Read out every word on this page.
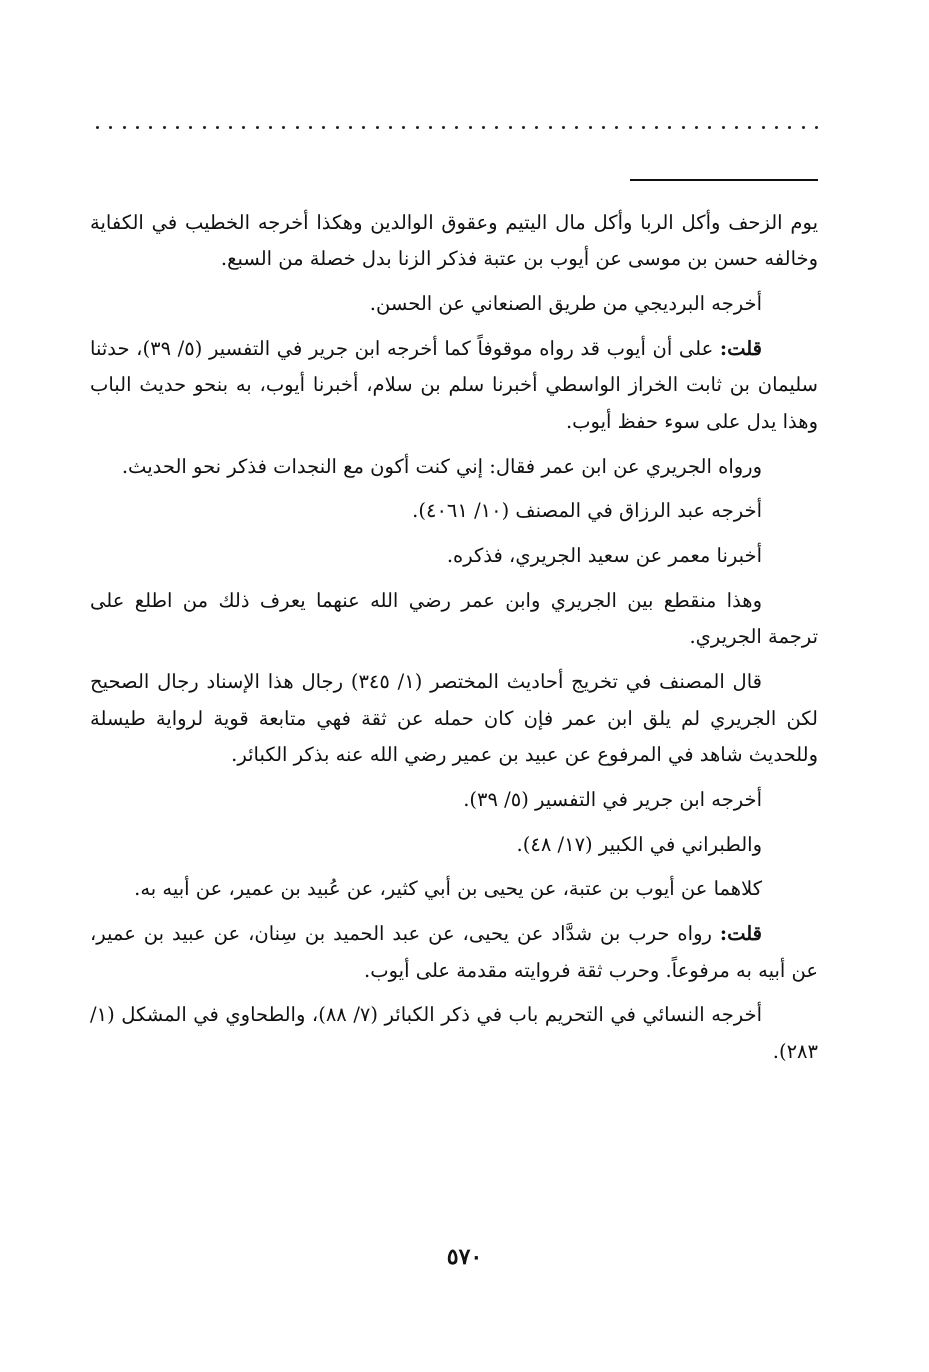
يوم الزحف وأكل الربا وأكل مال اليتيم وعقوق الوالدين وهكذا أخرجه الخطيب في الكفاية وخالفه حسن بن موسى عن أيوب بن عتبة فذكر الزنا بدل خصلة من السبع.

أخرجه البرديجي من طريق الصنعاني عن الحسن.

قلت: على أن أيوب قد رواه موقوفاً كما أخرجه ابن جرير في التفسير (٥/ ٣٩)، حدثنا سليمان بن ثابت الخراز الواسطي أخبرنا سلم بن سلام، أخبرنا أيوب، به بنحو حديث الباب وهذا يدل على سوء حفظ أيوب.

ورواه الجريري عن ابن عمر فقال: إني كنت أكون مع النجدات فذكر نحو الحديث.

أخرجه عبد الرزاق في المصنف (١٠/ ٤٠٦١).

أخبرنا معمر عن سعيد الجريري، فذكره.

وهذا منقطع بين الجريري وابن عمر رضي الله عنهما يعرف ذلك من اطلع على ترجمة الجريري.

قال المصنف في تخريج أحاديث المختصر (١/ ٣٤٥) رجال هذا الإسناد رجال الصحيح لكن الجريري لم يلق ابن عمر فإن كان حمله عن ثقة فهي متابعة قوية لرواية طيسلة وللحديث شاهد في المرفوع عن عبيد بن عمير رضي الله عنه بذكر الكبائر.

أخرجه ابن جرير في التفسير (٥/ ٣٩).

والطبراني في الكبير (١٧/ ٤٨).

كلاهما عن أيوب بن عتبة، عن يحيى بن أبي كثير، عن عُبيد بن عمير، عن أبيه به.

قلت: رواه حرب بن شدَّاد عن يحيى، عن عبد الحميد بن سِنان، عن عبيد بن عمير، عن أبيه به مرفوعاً. وحرب ثقة فروايته مقدمة على أيوب.

أخرجه النسائي في التحريم باب في ذكر الكبائر (٧/ ٨٨)، والطحاوي في المشكل (١/ ٢٨٣).

٥٧٠
